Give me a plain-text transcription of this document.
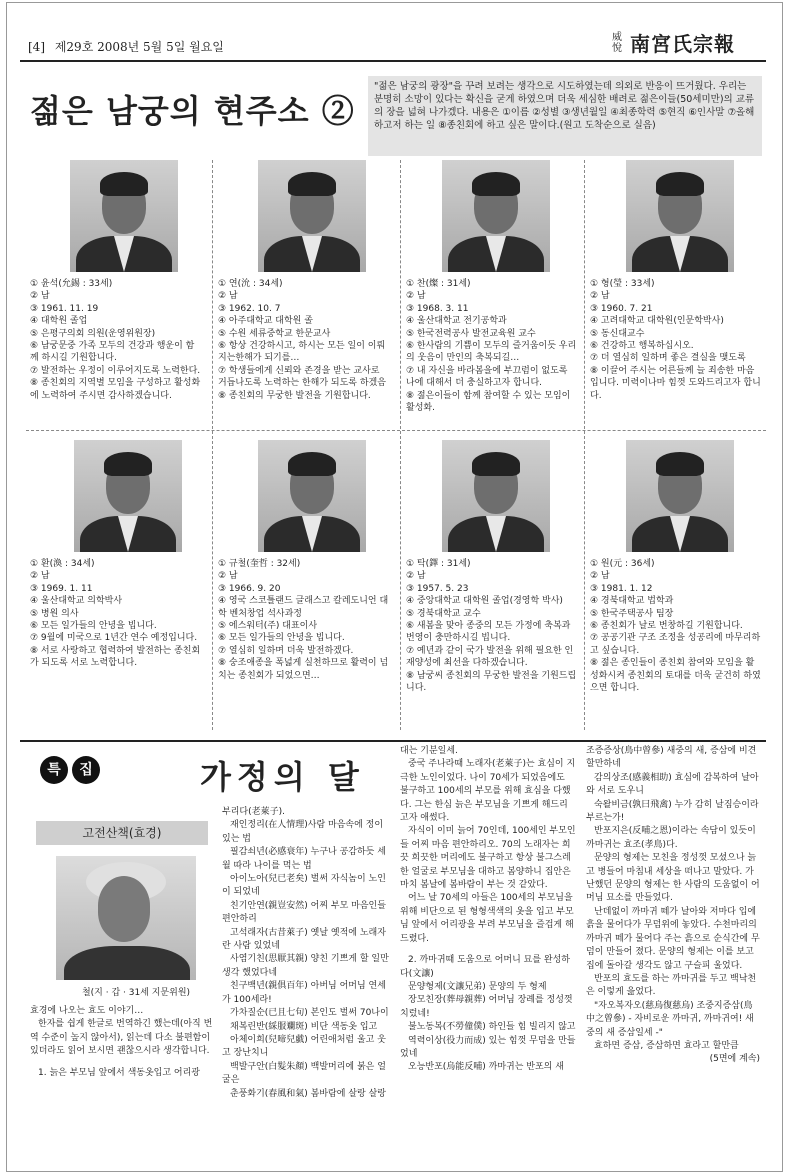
[4] 제29호 2008년 5월 5일 월요일
威悅 南宮氏宗報
젊은 남궁의 현주소 ②
"젊은 남궁의 광장"을 꾸려 보려는 생각으로 시도하였는데 의외로 반응이 뜨거웠다. 우리는 분명히 소망이 있다는 확신을 굳게 하였으며 더욱 세심한 배려로 젊은이들(50세미만)의 교류의 장을 넓혀 나가겠다. 내용은 ①이름 ②성별 ③생년월일 ④최종학력 ⑤현직 ⑥인사말 ⑦올해하고저 하는 일 ⑧종친회에 하고 싶은 말이다.(원고 도착순으로 실음)

① 윤석(允錫 : 33세)

② 남

③ 1961. 11. 19

④ 대학원 졸업

⑤ 은평구의회 의원(운영위원장)

⑥ 남궁문중 가족 모두의 건강과 행운이 함께 하시길 기원합니다.

⑦ 발전하는 우정이 이루어지도록 노력한다.

⑧ 종친회의 지역별 모임을 구성하고 활성화에 노력하여 주시면 감사하겠습니다.

① 연(沇 : 34세)

② 남

③ 1962. 10. 7

④ 아주대학교 대학원 졸

⑤ 수원 세류중학교 한문교사

⑥ 항상 건강하시고, 하시는 모든 일이 이뤄지는한해가 되기를…

⑦ 학생들에게 신뢰와 존경을 받는 교사로 거듭나도록 노력하는 한해가 되도록 하겠음

⑧ 종친회의 무궁한 발전을 기원합니다.

① 찬(燦 : 31세)

② 남

③ 1968. 3. 11

④ 울산대학교 전기공학과

⑤ 한국전력공사 발전교육원 교수

⑥ 한사람의 기쁨이 모두의 즐거움이듯 우리의 웃음이 만인의 축복되길…

⑦ 내 자신을 바라봄을에 부끄럼이 없도록 나에 대해서 더 충실하고자 합니다.

⑧ 젊은이들이 함께 참여할 수 있는 모임이 활성화.

① 형(瑩 : 33세)

② 남

③ 1960. 7. 21

④ 고려대학교 대학원(인문학박사)

⑤ 동신대교수

⑥ 건강하고 행복하십시오.

⑦ 더 열심히 일하며 좋은 결실을 맺도록

⑧ 이끌어 주시는 어른들께 늘 죄송한 마음입니다. 미력이나마 힘껏 도와드리고자 합니다.

① 환(渙 : 34세)

② 남

③ 1969. 1. 11

④ 울산대학교 의학박사

⑤ 병원 의사

⑥ 모든 일가들의 안녕을 빕니다.

⑦ 9월에 미국으로 1년간 연수 예정입니다.

⑧ 서로 사랑하고 협력하여 발전하는 종친회가 되도록 서로 노력합니다.

① 규철(奎哲 : 32세)

② 남

③ 1966. 9. 20

④ 영국 스코틀랜드 글래스고 칼레도니언 대학 벤처창업 석사과정

⑤ 에스워터(주) 대표이사

⑥ 모든 일가들의 안녕을 빕니다.

⑦ 열심히 일하며 더욱 발전하겠다.

⑧ 숭조애종을 폭넓게 실천하므로 활력이 넘치는 종친회가 되었으면…

① 탁(鐸 : 31세)

② 남

③ 1957. 5. 23

④ 중앙대학교 대학원 졸업(경영학 박사)

⑤ 경북대학교 교수

⑥ 새봄을 맞아 종중의 모든 가정에 축복과 번영이 충만하시길 빕니다.

⑦ 예년과 같이 국가 발전을 위해 필요한 인재양성에 최선을 다하겠습니다.

⑧ 남궁씨 종친회의 무궁한 발전을 기원드립니다.

① 원(元 : 36세)

② 남

③ 1981. 1. 12

④ 경북대학교 법학과

⑤ 한국주택공사 팀장

⑥ 종친회가 날로 번창하길 기원합니다.

⑦ 공공기관 구조 조정을 성공리에 마무리하고 싶습니다.

⑧ 젊은 종인들이 종친회 참여와 모임을 활성화시켜 종친회의 토대를 더욱 굳건히 하였으면 합니다.

특	집	가정의 달
고전산책(효경)
철(지 · 갑 · 31세 지문위원)

효경에 나오는 효도 이야기…

한자를 쉽게 한글로 번역하긴 했는데(아직 번역 수준이 높지 않아서), 읽는데 다소 불편함이 있더라도 읽어 보시면 괜찮으시라 생각합니다.

1. 늙은 부모님 앞에서 색동옷입고 어리광

부리다(老萊子).

재인정리(在人情理)사람 마음속에 정이 있는 법

필감쇠년(必感衰年) 누구나 공감하듯 세월 따라 나이를 먹는 법

아이노아(兒已老矣) 벌써 자식놈이 노인이 되었네

친기안연(親豈安然) 어찌 부모 마음인들 편안하리

고석래자(古昔萊子) 옛날 옛적에 노래자란 사람 있었네

사염기친(思厭其親) 양친 기쁘게 할 일만 생각 했었다네

친구백년(親俱百年) 아버님 어머님 연세가 100세라!

가차질순(已且七旬) 본인도 벌써 70나이

채복린반(綵服斕斑) 비단 색동옷 입고

아체이희(兒啼兒戱) 어린애처럼 울고 웃고 장난치니

백발구안(白髮朱顏) 백발머리에 붉은 얼굴은

춘풍화기(春風和氣) 봄바람에 살랑 살랑

대는 기분일세.

중국 주나라때 노래자(老萊子)는 효심이 지극한 노인이었다. 나이 70세가 되었음에도 불구하고 100세의 부모를 위해 효심을 다했다. 그는 한심 늙은 부모님을 기쁘게 해드리고자 애썼다.

자식이 이미 늙어 70인데, 100세인 부모인들 어찌 마음 편안하리오. 70의 노래자는 희끗 희끗한 머리에도 불구하고 항상 불그스레한 얼굴로 부모님을 대하고 봄양하니 집안은 마치 봄날에 봄바람이 부는 것 같았다.

어느 날 70세의 아들은 100세의 부모님을 위해 비단으로 된 형형색색의 옷을 입고 부모님 앞에서 어리광을 부려 부모님을 즐겁게 해 드렸다.

2. 까마귀때 도움으로 어머니 묘를 완성하다(文讓)

문양형제(文讓兄弟) 문양의 두 형제

장모친장(葬母親葬) 어머님 장례를 정성껏 치렀네!

불노동복(不勞僮僕) 하인들 힘 빌리지 않고

역력이상(役力而成) 있는 힘껏 무덤을 만들었네

오능반포(烏能反哺) 까마귀는 반포의 새

조증증상(鳥中曾參) 새중의 새, 증삼에 비견할만하네

감의상조(感義相助) 효심에 감복하여 날아와 서로 도우니

숙왈비금(孰曰飛禽) 누가 감히 날짐승이라 부르는가!

반포지은(反哺之恩)이라는 속담이 있듯이 까마귀는 효조(孝鳥)다.

문양의 형제는 모친을 정성껏 모셨으나 늙고 병들어 마침내 세상을 떠나고 말았다. 가난했던 문양의 형제는 한 사람의 도움없이 어머님 묘소를 만들었다.

난데없이 까마귀 떼가 날아와 저마다 입에 흙을 물어다가 무덤위에 놓았다. 수천마리의 까마귀 떼가 물어다 주는 흙으로 순식간에 무덤이 만들어 졌다. 문양의 형제는 이를 보고 집에 돌아갈 생각도 않고 구슬피 울었다.

반포의 효도를 하는 까마귀를 두고 백낙천은 이렇게 읊었다.

"자오복자오(慈烏復慈烏) 조중지증삼(鳥中之曾參) - 자비로운 까마귀, 까마귀여! 새중의 새 증삼일세 -"

효하면 증삼, 증삼하면 효라고 할만큼

(5면에 계속)
